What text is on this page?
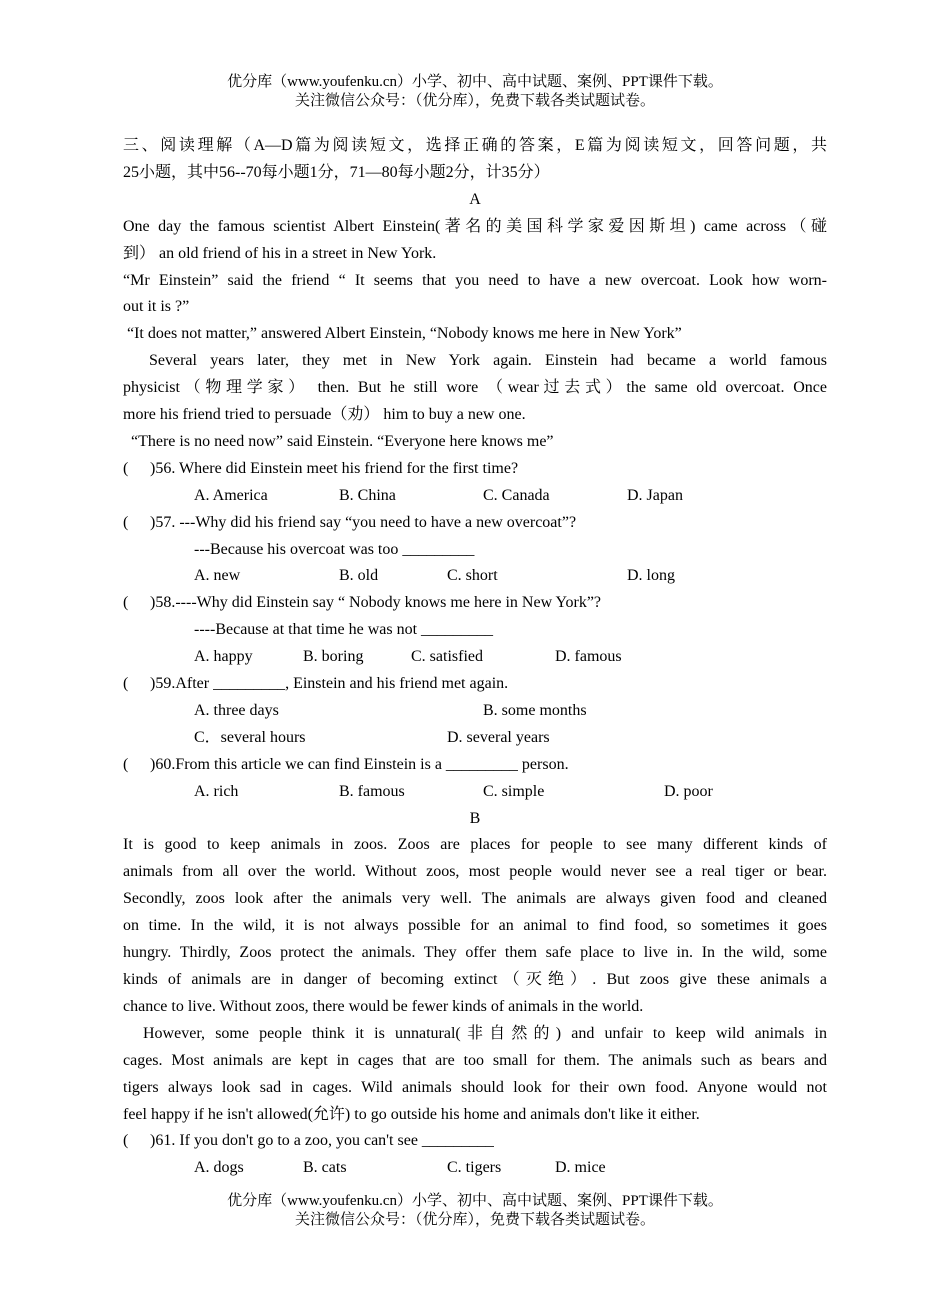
优分库（www.youfenku.cn）小学、初中、高中试题、案例、PPT课件下载。
关注微信公众号：（优分库），免费下载各类试题试卷。
三、阅读理解（A—D篇为阅读短文，选择正确的答案，E篇为阅读短文，回答问题，共
25小题，其中56--70每小题1分，71—80每小题2分，计35分）
A
One day the famous scientist Albert Einstein(著名的美国科学家爱因斯坦) came across（碰
到） an old friend of his in a street in New York.
“Mr Einstein” said the friend “ It seems that you need to have a new overcoat. Look how worn-
out it is ?”
“It does not matter,” answered Albert Einstein, “Nobody knows me here in New York”
Several years later, they met in New York again. Einstein had became a world famous
physicist（物理学家） then. But he still wore （wear过去式）the same old overcoat. Once
more his friend tried to persuade（劝） him to buy a new one.
“There is no need now” said Einstein. “Everyone here knows me”
( )56. Where did Einstein meet his friend for the first time?
A. America	B. China	C. Canada	D. Japan
( )57. ---Why did his friend say “you need to have a new overcoat”?
---Because his overcoat was too _________
A. new	B. old	C. short	D. long
( )58.----Why did Einstein say “ Nobody knows me here in New York”?
----Because at that time he was not _________
A. happy	B. boring	C. satisfied	D. famous
( )59.After _________, Einstein and his friend met again.
A. three days	B. some months
C．several hours	D. several years
( )60.From this article we can find Einstein is a _________ person.
A. rich	B. famous	C. simple	D. poor
B
It is good to keep animals in zoos. Zoos are places for people to see many different kinds of
animals from all over the world. Without zoos, most people would never see a real tiger or bear.
Secondly, zoos look after the animals very well. The animals are always given food and cleaned
on time. In the wild, it is not always possible for an animal to find food, so sometimes it goes
hungry. Thirdly, Zoos protect the animals. They offer them safe place to live in. In the wild, some
kinds of animals are in danger of becoming extinct（灭绝）. But zoos give these animals a
chance to live. Without zoos, there would be fewer kinds of animals in the world.
However, some people think it is unnatural(非自然的) and unfair to keep wild animals in
cages. Most animals are kept in cages that are too small for them. The animals such as bears and
tigers always look sad in cages. Wild animals should look for their own food. Anyone would not
feel happy if he isn't allowed(允许) to go outside his home and animals don't like it either.
( )61. If you don't go to a zoo, you can't see _________
A. dogs	B. cats	C. tigers	D. mice
优分库（www.youfenku.cn）小学、初中、高中试题、案例、PPT课件下载。
关注微信公众号：（优分库），免费下载各类试题试卷。
